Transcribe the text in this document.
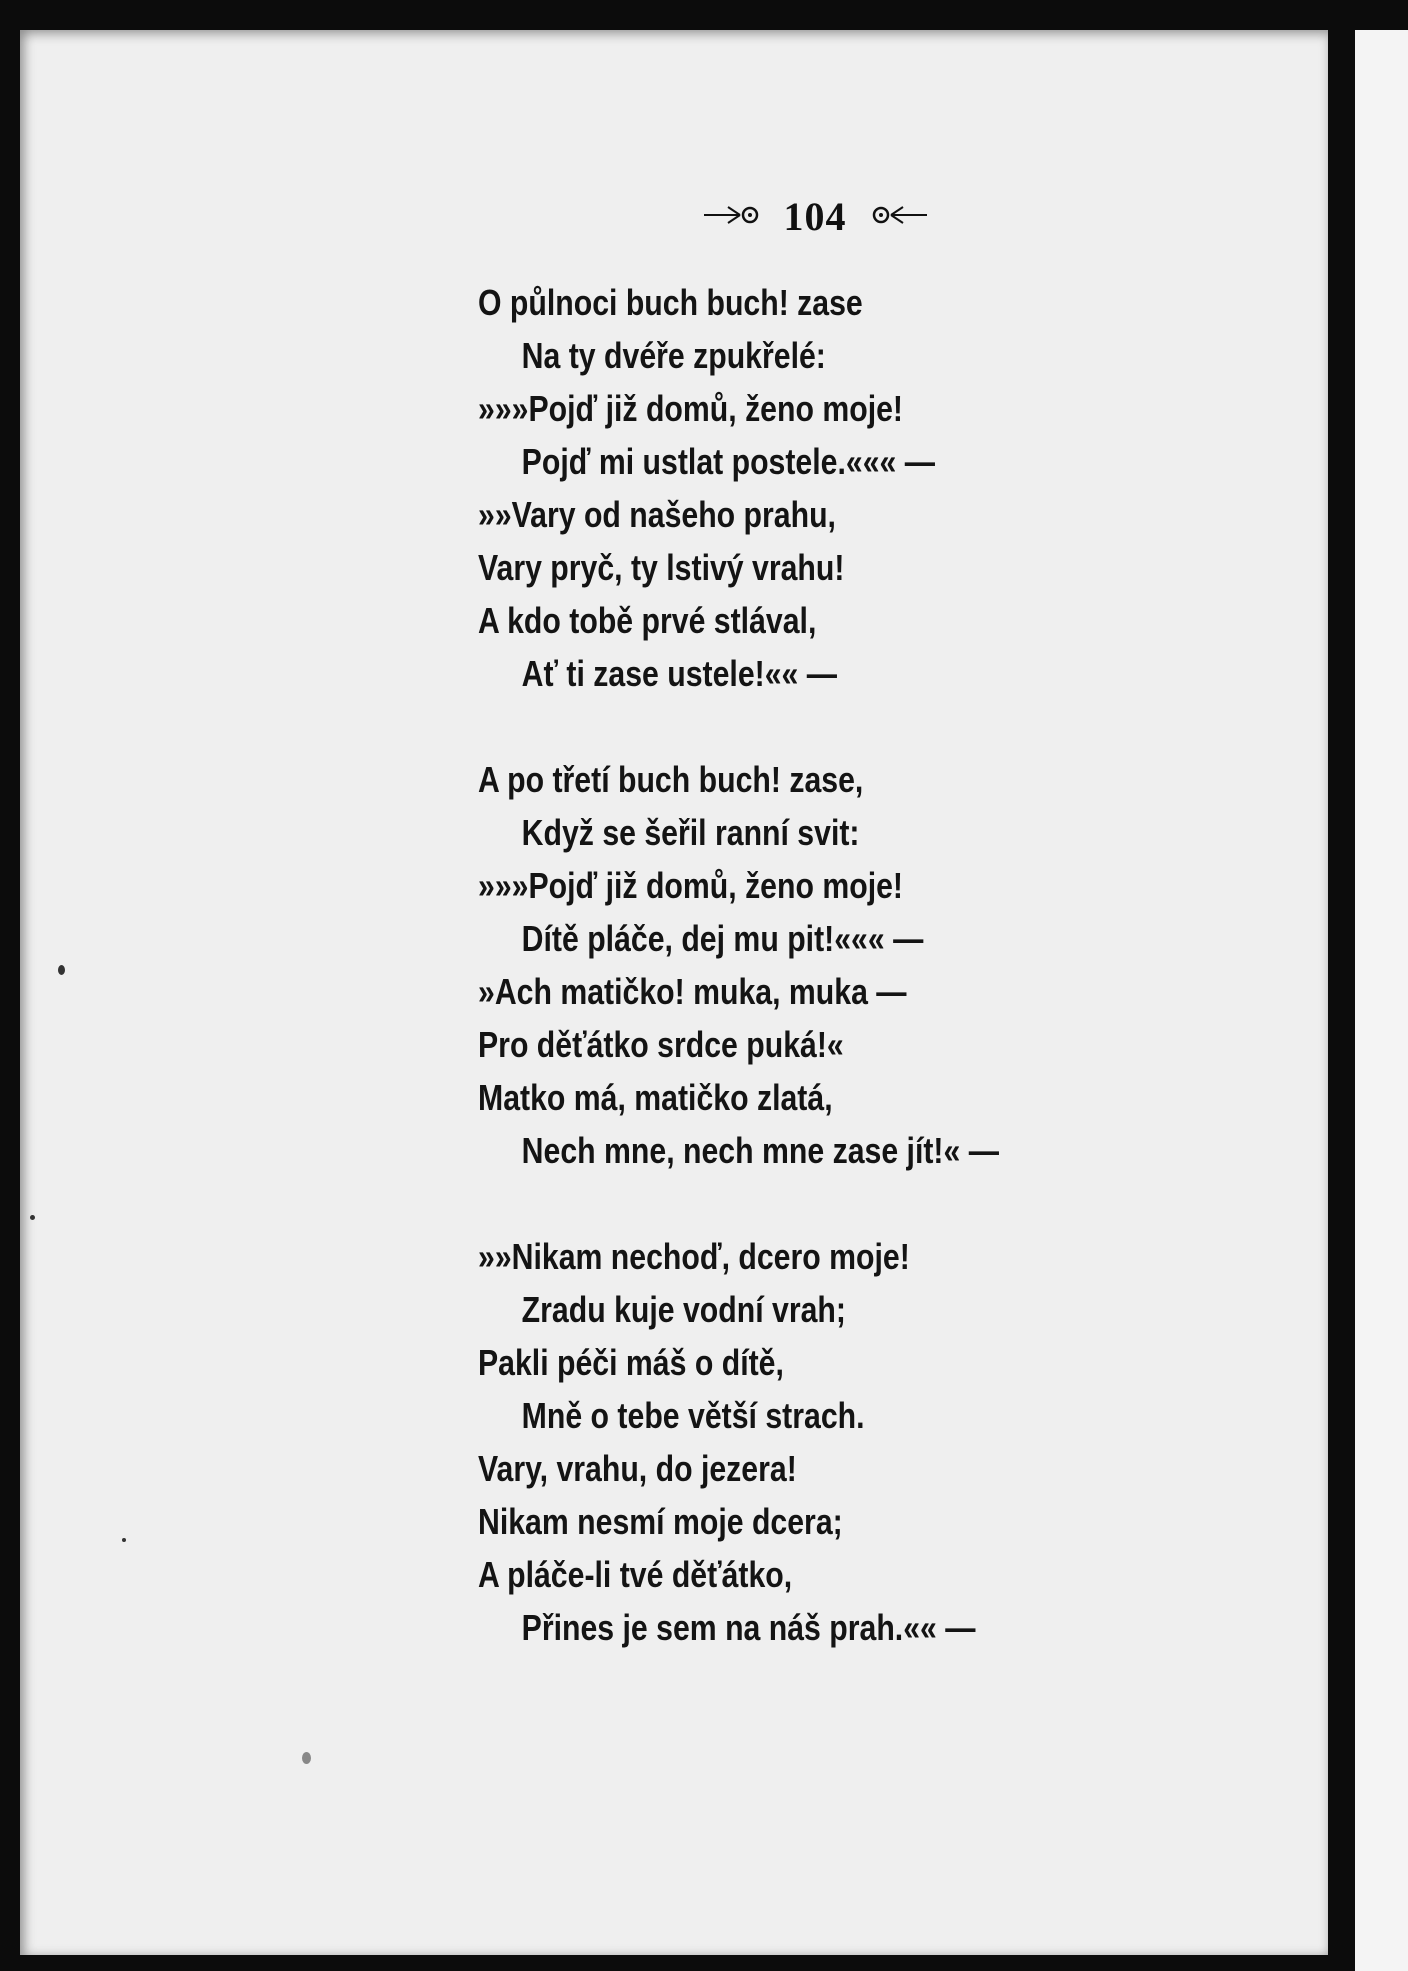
104
O půlnoci buch buch! zase
Na ty dvéře zpukřelé:
»»»Pojď již domů, ženo moje!
Pojď mi ustlat postele.««« —
»»Vary od našeho prahu,
Vary pryč, ty lstivý vrahu!
A kdo tobě prvé stlával,
Ať ti zase ustele!«« —
A po třetí buch buch! zase,
Když se šeřil ranní svit:
»»»Pojď již domů, ženo moje!
Dítě pláče, dej mu pit!««« —
»Ach matičko! muka, muka —
Pro děťátko srdce puká!«
Matko má, matičko zlatá,
Nech mne, nech mne zase jít!« —
»»Nikam nechoď, dcero moje!
Zradu kuje vodní vrah;
Pakli péči máš o dítě,
Mně o tebe větší strach.
Vary, vrahu, do jezera!
Nikam nesmí moje dcera;
A pláče-li tvé děťátko,
Přines je sem na náš prah.«« —
